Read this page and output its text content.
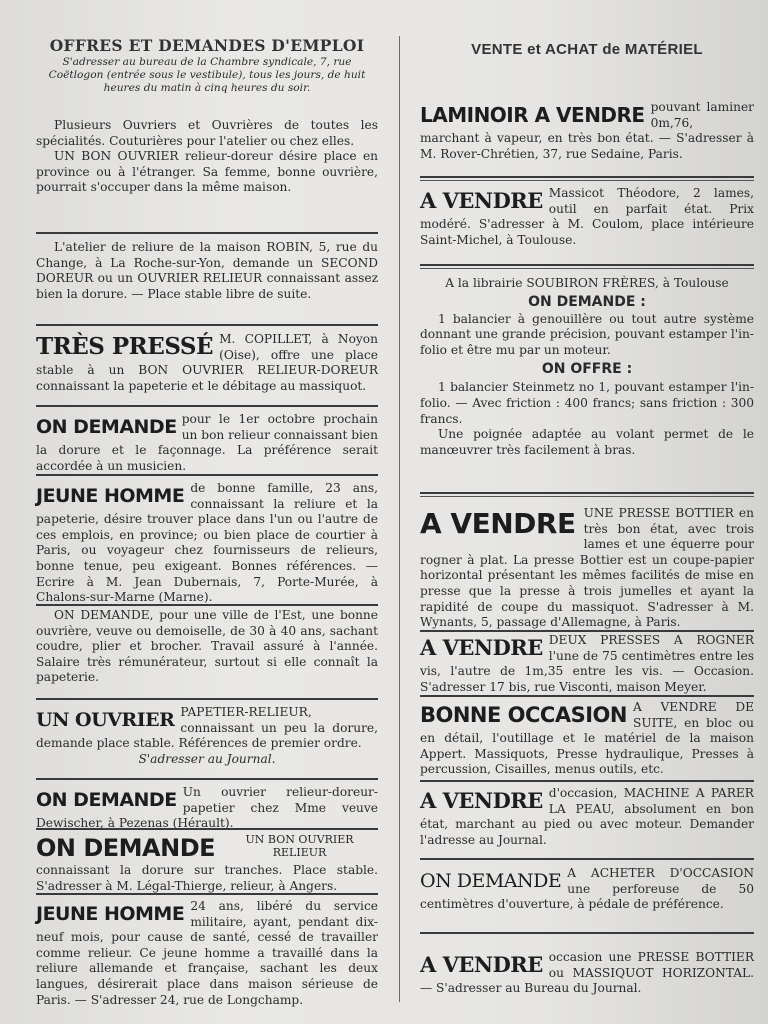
OFFRES ET DEMANDES D'EMPLOI

S'adresser au bureau de la Chambre syndicale, 7, rue Coëtlogon (entrée sous le vestibule), tous les jours, de huit heures du matin à cinq heures du soir.

Plusieurs Ouvriers et Ouvrières de toutes les spécialités. Couturières pour l'atelier ou chez elles.

UN BON OUVRIER relieur-doreur désire place en province ou à l'étranger. Sa femme, bonne ouvrière, pourrait s'occuper dans la même maison.

L'atelier de reliure de la maison ROBIN, 5, rue du Change, à La Roche-sur-Yon, demande un SECOND DOREUR ou un OUVRIER RELIEUR connaissant assez bien la dorure. — Place stable libre de suite.

TRÈS PRESSÉ M. COPILLET, à Noyon (Oise), offre une place stable à un BON OUVRIER RELIEUR-DOREUR connaissant la papeterie et le débitage au massiquot.

ON DEMANDE pour le 1er octobre prochain un bon relieur connaissant bien la dorure et le façonnage. La préférence serait accordée à un musicien.

JEUNE HOMME de bonne famille, 23 ans, connaissant la reliure et la papeterie, désire trouver place dans l'un ou l'autre de ces emplois, en province; ou bien place de courtier à Paris, ou voyageur chez fournisseurs de relieurs, bonne tenue, peu exigeant. Bonnes références. — Ecrire à M. Jean Dubernais, 7, Porte-Murée, à Chalons-sur-Marne (Marne).

ON DEMANDE, pour une ville de l'Est, une bonne ouvrière, veuve ou demoiselle, de 30 à 40 ans, sachant coudre, plier et brocher. Travail assuré à l'année. Salaire très rémunérateur, surtout si elle connaît la papeterie.

UN OUVRIER PAPETIER-RELIEUR, connaissant un peu la dorure, demande place stable. Références de premier ordre.

S'adresser au Journal.

ON DEMANDE Un ouvrier relieur-doreur-papetier chez Mme veuve Dewischer, à Pezenas (Hérault).

ON DEMANDE	UN BON OUVRIER RELIEUR

connaissant la dorure sur tranches. Place stable. S'adresser à M. Légal-Thierge, relieur, à Angers.

JEUNE HOMME 24 ans, libéré du service militaire, ayant, pendant dix-neuf mois, pour cause de santé, cessé de travailler comme relieur. Ce jeune homme a travaillé dans la reliure allemande et française, sachant les deux langues, désirerait place dans maison sérieuse de Paris. — S'adresser 24, rue de Longchamp.

VENTE et ACHAT de MATÉRIEL
LAMINOIR A VENDRE pouvant laminer 0m,76, marchant à vapeur, en très bon état. — S'adresser à M. Rover-Chrétien, 37, rue Sedaine, Paris.

A VENDRE Massicot Théodore, 2 lames, outil en parfait état. Prix modéré. S'adresser à M. Coulom, place intérieure Saint-Michel, à Toulouse.

A la librairie SOUBIRON FRÈRES, à Toulouse

ON DEMANDE :

1 balancier à genouillère ou tout autre système donnant une grande précision, pouvant estamper l'in-folio et être mu par un moteur.

ON OFFRE :

1 balancier Steinmetz no 1, pouvant estamper l'in-folio. — Avec friction : 400 francs; sans friction : 300 francs.

Une poignée adaptée au volant permet de le manœuvrer très facilement à bras.

A VENDRE UNE PRESSE BOTTIER en très bon état, avec trois lames et une équerre pour rogner à plat. La presse Bottier est un coupe-papier horizontal présentant les mêmes facilités de mise en presse que la presse à trois jumelles et ayant la rapidité de coupe du massiquot. S'adresser à M. Wynants, 5, passage d'Allemagne, à Paris.

A VENDRE DEUX PRESSES A ROGNER l'une de 75 centimètres entre les vis, l'autre de 1m,35 entre les vis. — Occasion. S'adresser 17 bis, rue Visconti, maison Meyer.

BONNE OCCASION A VENDRE DE SUITE, en bloc ou en détail, l'outillage et le matériel de la maison Appert. Massiquots, Presse hydraulique, Presses à percussion, Cisailles, menus outils, etc.

A VENDRE d'occasion, MACHINE A PARER LA PEAU, absolument en bon état, marchant au pied ou avec moteur. Demander l'adresse au Journal.

ON DEMANDE A ACHETER D'OCCASION une perforeuse de 50 centimètres d'ouverture, à pédale de préférence.

A VENDRE occasion une PRESSE BOTTIER ou MASSIQUOT HORIZONTAL. — S'adresser au Bureau du Journal.
